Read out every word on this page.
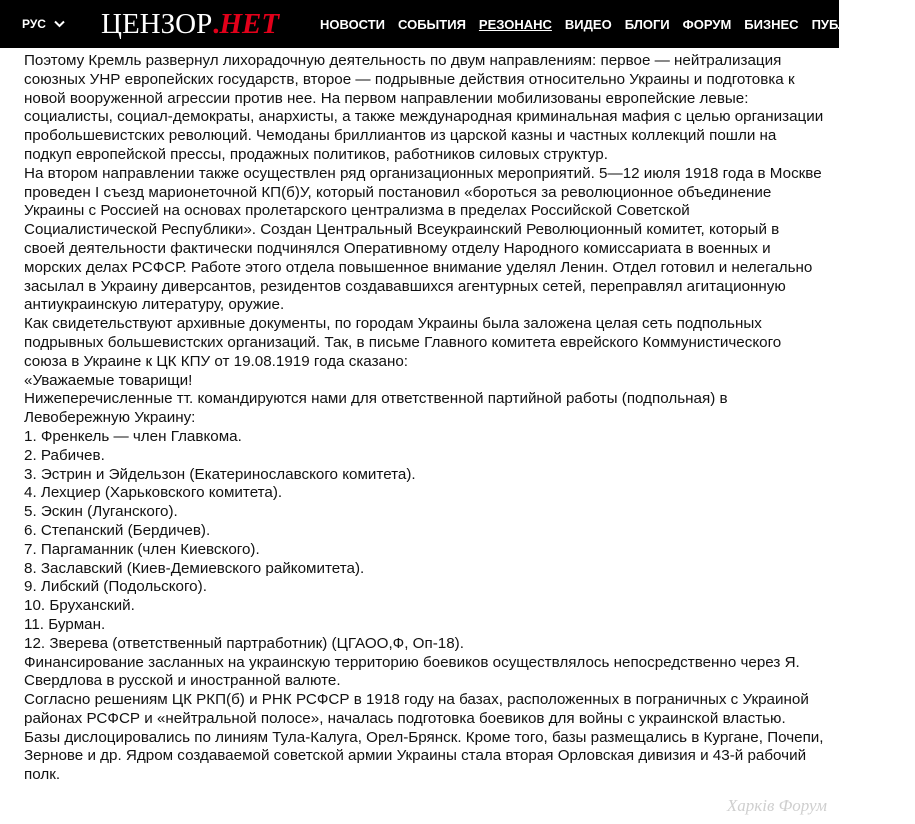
РУС ЦЕНЗОР . НЕТ	НОВОСТИ СОБЫТИЯ РЕЗОНАНС ВИДЕО БЛОГИ ФОРУМ БИЗНЕС ПУБЛИКАЦИИ

Поэтому Кремль развернул лихорадочную деятельность по двум направлениям: первое — нейтрализация союзных УНР европейских государств, второе — подрывные действия относительно Украины и подготовка к новой вооруженной агрессии против нее. На первом направлении мобилизованы европейские левые: социалисты, социал-демократы, анархисты, а также международная криминальная мафия с целью организации пробольшевистских революций. Чемоданы бриллиантов из царской казны и частных коллекций пошли на подкуп европейской прессы, продажных политиков, работников силовых структур.

На втором направлении также осуществлен ряд организационных мероприятий. 5—12 июля 1918 года в Москве проведен I съезд марионеточной КП(б)У, который постановил «бороться за революционное объединение Украины с Россией на основах пролетарского централизма в пределах Российской Советской Социалистической Республики». Создан Центральный Всеукраинский Революционный комитет, который в своей деятельности фактически подчинялся Оперативному отделу Народного комиссариата в военных и морских делах РСФСР. Работе этого отдела повышенное внимание уделял Ленин. Отдел готовил и нелегально засылал в Украину диверсантов, резидентов создававшихся агентурных сетей, переправлял агитационную антиукраинскую литературу, оружие.

Как свидетельствуют архивные документы, по городам Украины была заложена целая сеть подпольных подрывных большевистских организаций. Так, в письме Главного комитета еврейского Коммунистического союза в Украине к ЦК КПУ от 19.08.1919 года сказано:

«Уважаемые товарищи!

Нижеперечисленные тт. командируются нами для ответственной партийной работы (подпольная) в Левобережную Украину:

1. Френкель — член Главкома.
2. Рабичев.
3. Эстрин и Эйдельзон (Екатеринославского комитета).
4. Лехциер (Харьковского комитета).
5. Эскин (Луганского).
6. Степанский (Бердичев).
7. Паргаманник (член Киевского).
8. Заславский (Киев-Демиевского райкомитета).
9. Либский (Подольского).
10. Бруханский.
11. Бурман.
12. Зверева (ответственный партработник) (ЦГАОО,Ф, Оп-18).

Финансирование засланных на украинскую территорию боевиков осуществлялось непосредственно через Я. Свердлова в русской и иностранной валюте.

Согласно решениям ЦК РКП(б) и РНК РСФСР в 1918 году на базах, расположенных в пограничных с Украиной районах РСФСР и «нейтральной полосе», началась подготовка боевиков для войны с украинской властью. Базы дислоцировались по линиям Тула-Калуга, Орел-Брянск. Кроме того, базы размещались в Кургане, Почепи, Зернове и др. Ядром создаваемой советской армии Украины стала вторая Орловская дивизия и 43-й рабочий полк.

Харків Форум
